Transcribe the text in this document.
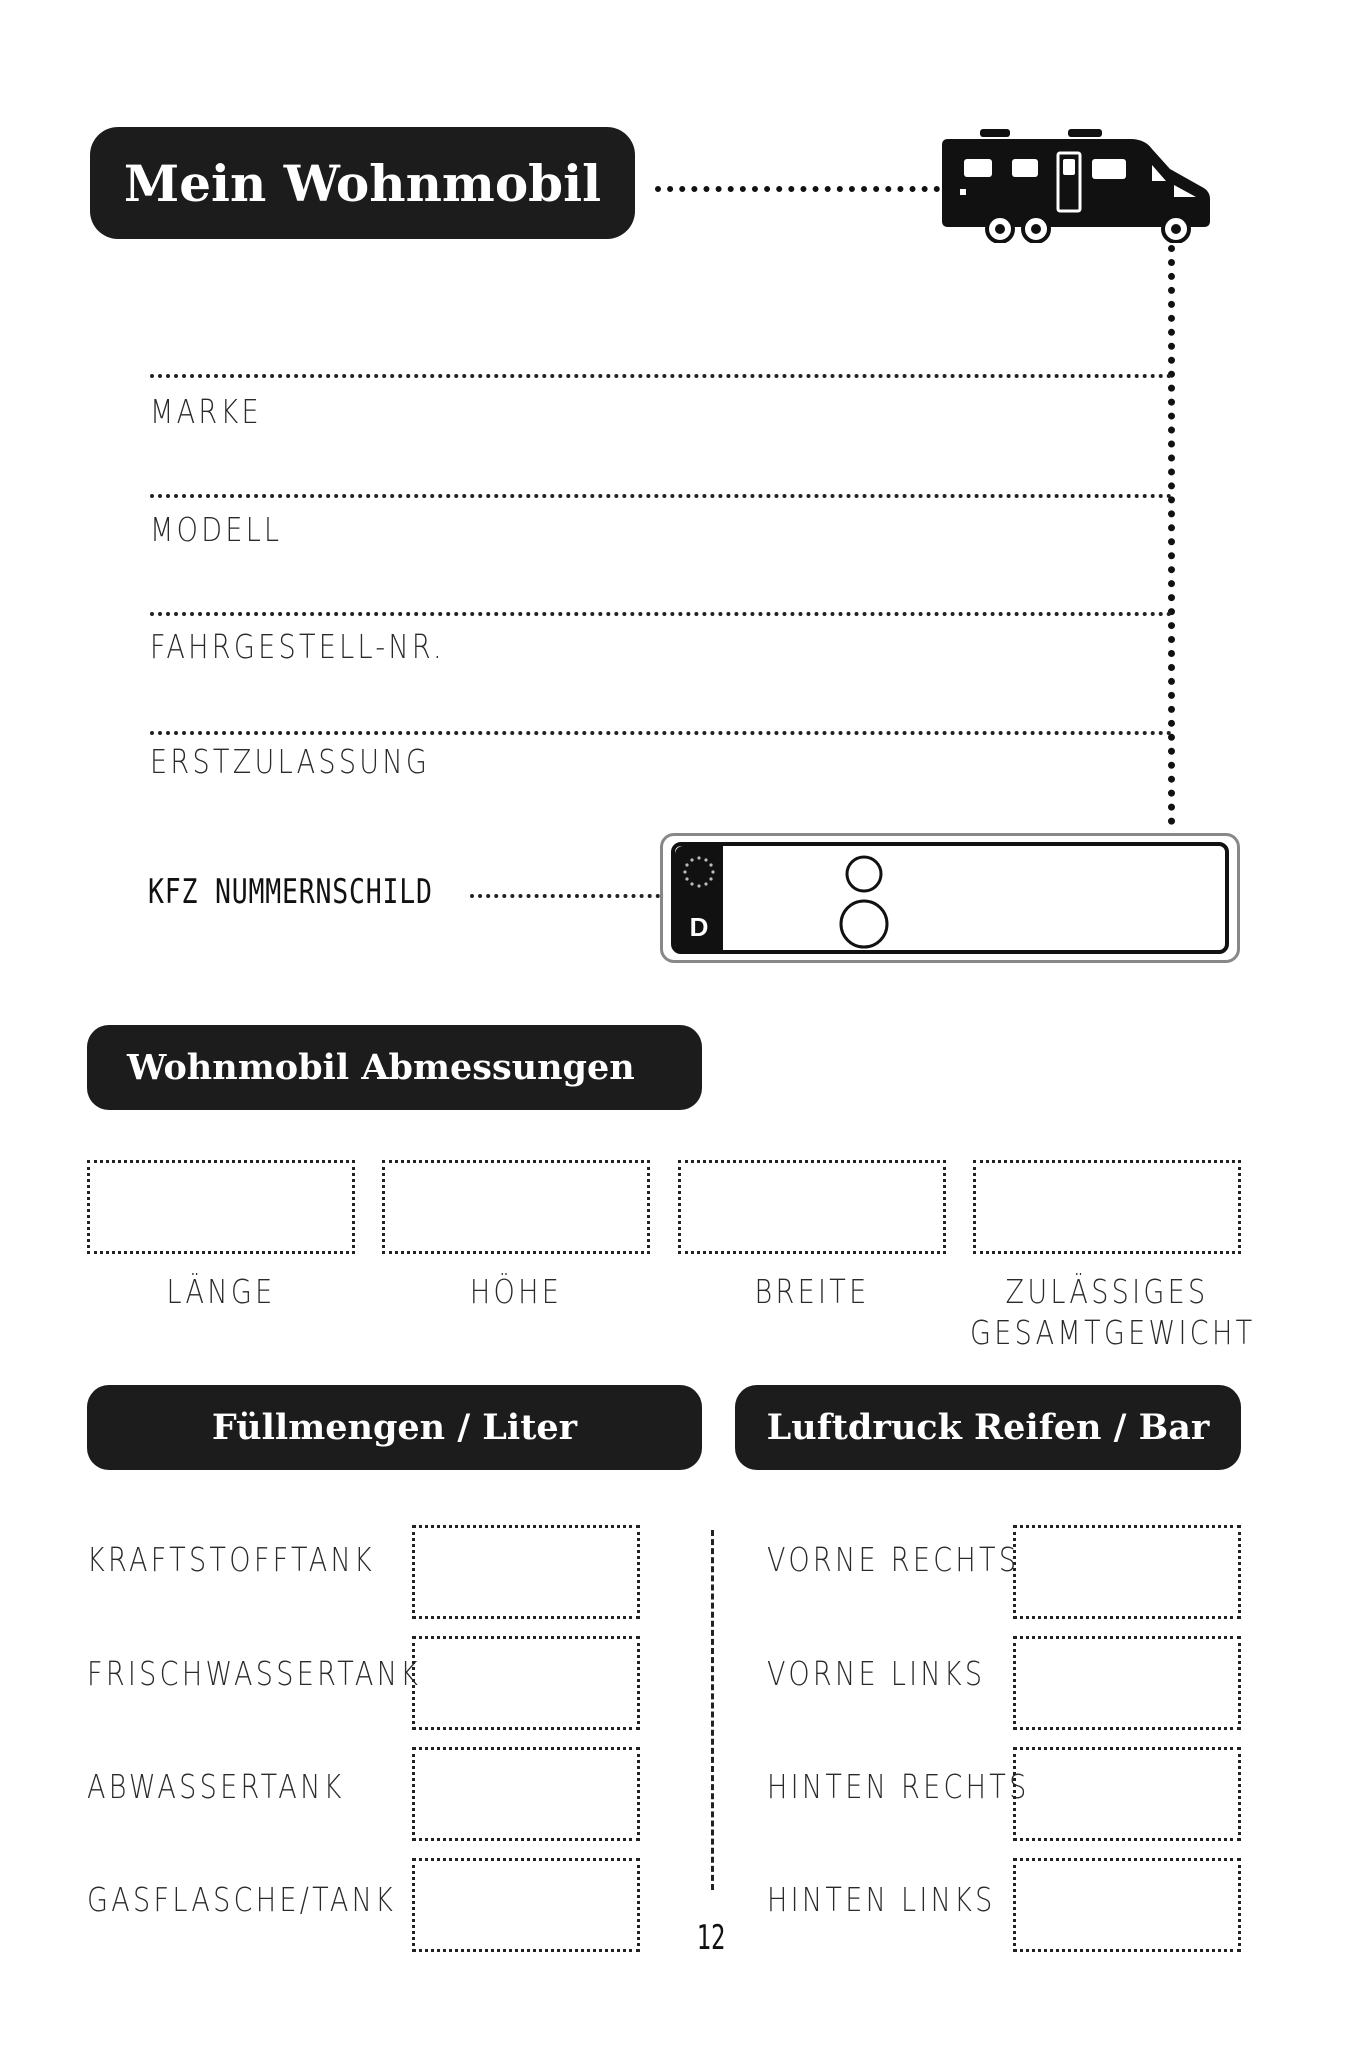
Mein Wohnmobil
MARKE
MODELL
FAHRGESTELL-NR.
ERSTZULASSUNG
KFZ NUMMERNSCHILD
D
Wohnmobil Abmessungen
LÄNGE	HÖHE	BREITE	ZULÄSSIGES
GESAMTGEWICHT
Füllmengen / Liter	Luftdruck Reifen / Bar
KRAFTSTOFFTANK
FRISCHWASSERTANK
ABWASSERTANK
GASFLASCHE/TANK
VORNE RECHTS
VORNE LINKS
HINTEN RECHTS
HINTEN LINKS
12
